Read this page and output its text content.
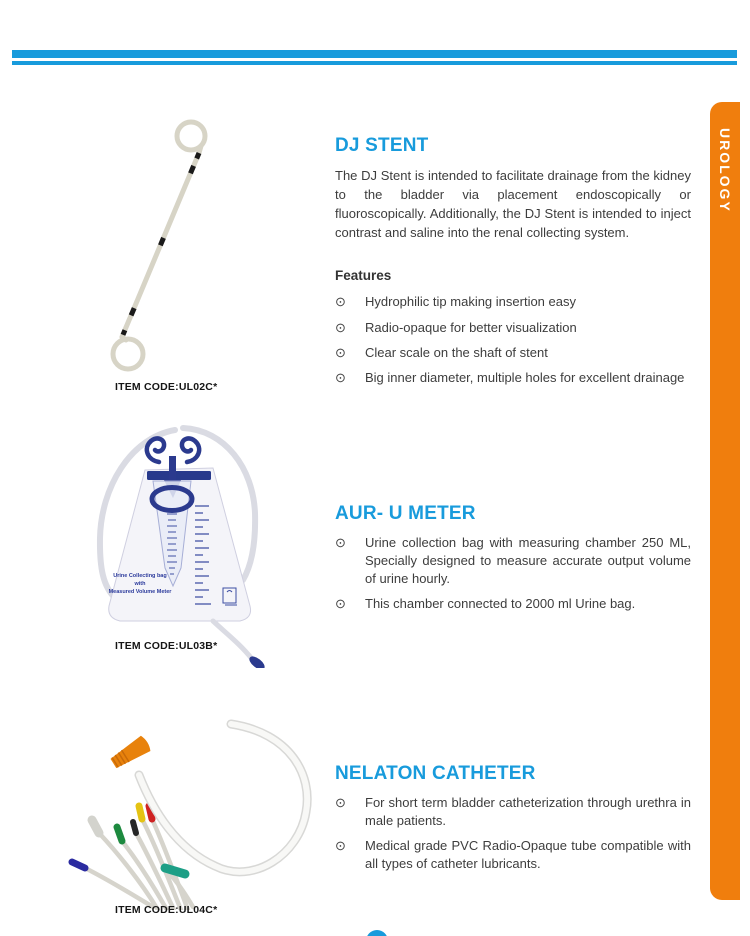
UROLOGY
ITEM CODE:UL02C*
DJ STENT

The DJ Stent is intended to facilitate drainage from the kidney to the bladder via placement endoscopically or fluoroscopically. Additionally, the DJ Stent is intended to inject contrast and saline into the renal collecting system.

Features
⊙	Hydrophilic tip making insertion easy
⊙	Radio-opaque for better visualization
⊙	Clear scale on the shaft of stent
⊙	Big inner diameter, multiple holes for excellent drainage
Urine Collecting bag
with
Measured Volume Meter
ITEM CODE:UL03B*
AUR- U METER
⊙	Urine collection bag with measuring chamber 250 ML, Specially designed to measure accurate output volume of urine hourly.
⊙	This chamber connected to 2000 ml Urine bag.
ITEM CODE:UL04C*
NELATON CATHETER
⊙	For short term bladder catheterization through urethra in male patients.
⊙	Medical grade PVC Radio-Opaque tube compatible with all types of catheter lubricants.
